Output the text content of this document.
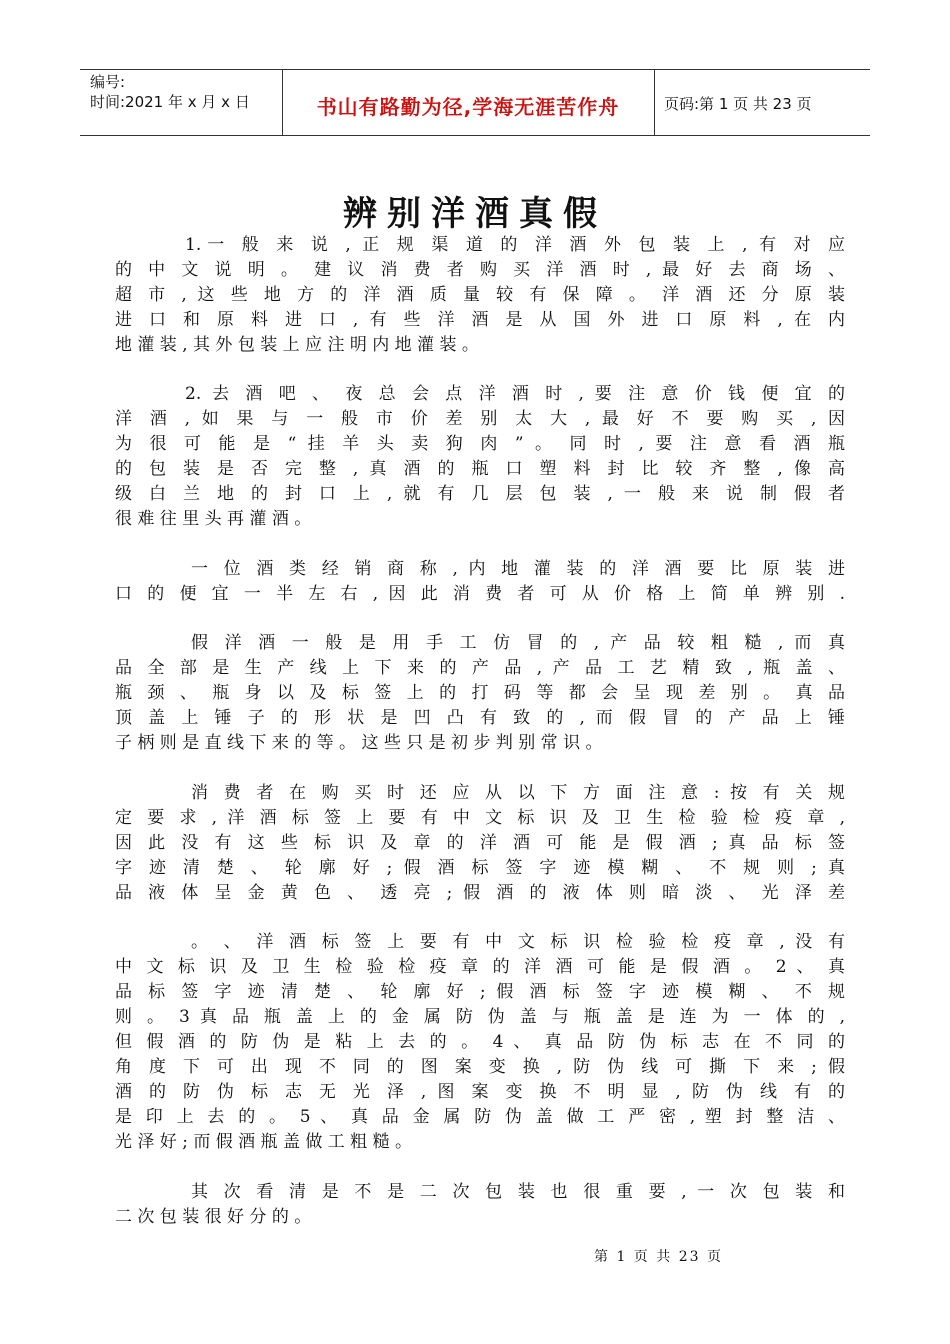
编号:
时间:2021 年 x 月 x 日	书山有路勤为径,学海无涯苦作舟	页码:第 1 页 共 23 页
辨别洋酒真假
1.一 般 来 说 , 正 规 渠 道 的 洋 酒 外 包 装 上 , 有 对 应
的 中 文 说 明 。 建 议 消 费 者 购 买 洋 酒 时 , 最 好 去 商 场 、
超 市 , 这 些 地 方 的 洋 酒 质 量 较 有 保 障 。 洋 酒 还 分 原 装
进 口 和 原 料 进 口 , 有 些 洋 酒 是 从 国 外 进 口 原 料 , 在 内
地 灌 装 , 其 外 包 装 上 应 注 明 内 地 灌 装 。
2. 去 酒 吧 、 夜 总 会 点 洋 酒 时 , 要 注 意 价 钱 便 宜 的
洋 酒 , 如 果 与 一 般 市 价 差 别 太 大 , 最 好 不 要 购 买 , 因
为 很 可 能 是 “ 挂 羊 头 卖 狗 肉 ” 。 同 时 , 要 注 意 看 酒 瓶
的 包 装 是 否 完 整 , 真 酒 的 瓶 口 塑 料 封 比 较 齐 整 , 像 高
级 白 兰 地 的 封 口 上 , 就 有 几 层 包 装 , 一 般 来 说 制 假 者
很 难 往 里 头 再 灌 酒 。
一 位 酒 类 经 销 商 称 , 内 地 灌 装 的 洋 酒 要 比 原 装 进
口 的 便 宜 一 半 左 右 , 因 此 消 费 者 可 从 价 格 上 简 单 辨 别 .
假 洋 酒 一 般 是 用 手 工 仿 冒 的 , 产 品 较 粗 糙 , 而 真
品 全 部 是 生 产 线 上 下 来 的 产 品 , 产 品 工 艺 精 致 , 瓶 盖 、
瓶 颈 、 瓶 身 以 及 标 签 上 的 打 码 等 都 会 呈 现 差 别 。 真 品
顶 盖 上 锤 子 的 形 状 是 凹 凸 有 致 的 , 而 假 冒 的 产 品 上 锤
子 柄 则 是 直 线 下 来 的 等 。 这 些 只 是 初 步 判 别 常 识 。
消 费 者 在 购 买 时 还 应 从 以 下 方 面 注 意 : 按 有 关 规
定 要 求 , 洋 酒 标 签 上 要 有 中 文 标 识 及 卫 生 检 验 检 疫 章 ,
因 此 没 有 这 些 标 识 及 章 的 洋 酒 可 能 是 假 酒 ; 真 品 标 签
字 迹 清 楚 、 轮 廓 好 ; 假 酒 标 签 字 迹 模 糊 、 不 规 则 ; 真
品 液 体 呈 金 黄 色 、 透 亮 ; 假 酒 的 液 体 则 暗 淡 、 光 泽 差
。 、 洋 酒 标 签 上 要 有 中 文 标 识 检 验 检 疫 章 , 没 有
中 文 标 识 及 卫 生 检 验 检 疫 章 的 洋 酒 可 能 是 假 酒 。 2 、 真
品 标 签 字 迹 清 楚 、 轮 廓 好 ; 假 酒 标 签 字 迹 模 糊 、 不 规
则 。 3 真 品 瓶 盖 上 的 金 属 防 伪 盖 与 瓶 盖 是 连 为 一 体 的 ,
但 假 酒 的 防 伪 是 粘 上 去 的 。 4 、 真 品 防 伪 标 志 在 不 同 的
角 度 下 可 出 现 不 同 的 图 案 变 换 , 防 伪 线 可 撕 下 来 ; 假
酒 的 防 伪 标 志 无 光 泽 , 图 案 变 换 不 明 显 , 防 伪 线 有 的
是 印 上 去 的 。 5 、 真 品 金 属 防 伪 盖 做 工 严 密 , 塑 封 整 洁 、
光 泽 好 ; 而 假 酒 瓶 盖 做 工 粗 糙 。
其 次 看 清 是 不 是 二 次 包 装 也 很 重 要 , 一 次 包 装 和
二 次 包 装 很 好 分 的 。
第 1 页 共 23 页
